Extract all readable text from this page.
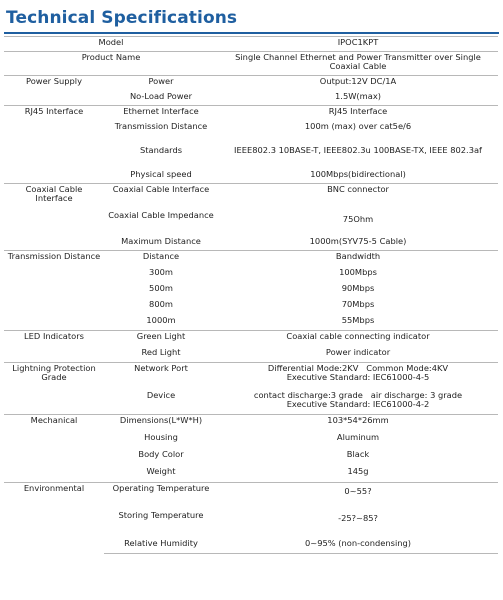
Technical Specifications
Model		IPOC1KPT
Product Name		Single Channel Ethernet and Power Transmitter over Single Coaxial Cable
Power Supply	Power	Output:12V DC/1A
	No-Load Power	1.5W(max)
RJ45 Interface	Ethernet Interface	RJ45 Interface
	Transmission Distance	100m (max) over cat5e/6
	Standards	IEEE802.3 10BASE-T, IEEE802.3u 100BASE-TX, IEEE 802.3af
	Physical speed	100Mbps(bidirectional)
Coaxial Cable Interface	Coaxial Cable Interface	BNC connector
	Coaxial Cable Impedance	75Ohm
	Maximum Distance	1000m(SYV75-5 Cable)
Transmission Distance	Distance	Bandwidth
	300m	100Mbps
	500m	90Mbps
	800m	70Mbps
	1000m	55Mbps
LED Indicators	Green Light	Coaxial cable connecting indicator
	Red Light	Power indicator
Lightning Protection Grade	Network Port	Differential Mode:2KV   Common Mode:4KV
Executive Standard: IEC61000-4-5

	Device	contact discharge:3 grade   air discharge: 3 grade
Executive Standard: IEC61000-4-2

Mechanical	Dimensions(L*W*H)	103*54*26mm
	Housing	Aluminum
	Body Color	Black
	Weight	145g
Environmental	Operating Temperature	0~55?
	Storing Temperature	-25?~85?
	Relative Humidity	0~95% (non-condensing)
